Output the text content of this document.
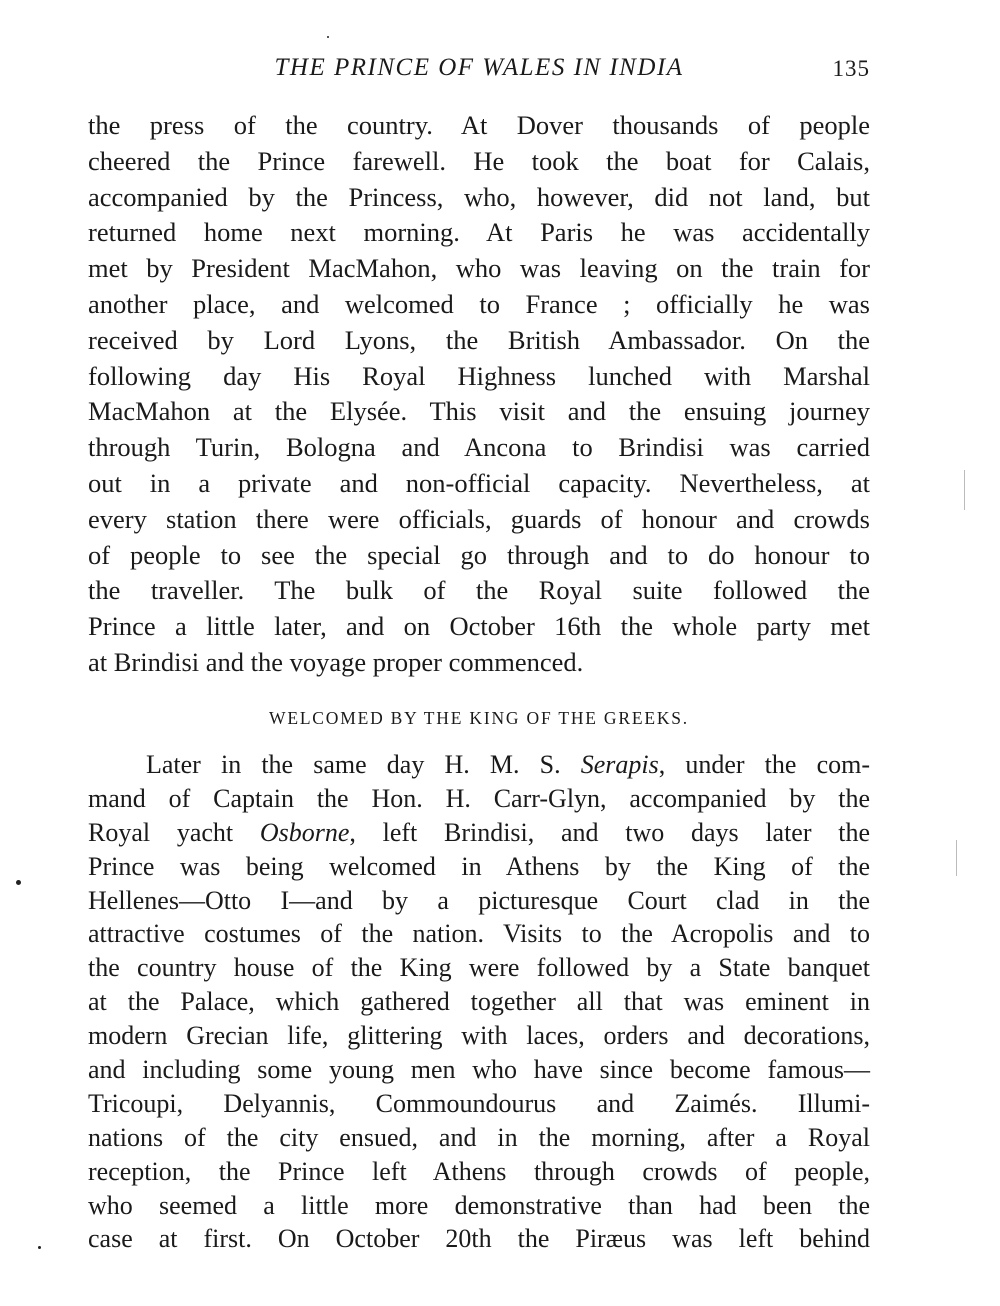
THE PRINCE OF WALES IN INDIA	135
the press of the country. At Dover thousands of people
cheered the Prince farewell. He took the boat for Calais,
accompanied by the Princess, who, however, did not land, but
returned home next morning. At Paris he was accidentally
met by President MacMahon, who was leaving on the train for
another place, and welcomed to France ; officially he was
received by Lord Lyons, the British Ambassador. On the
following day His Royal Highness lunched with Marshal
MacMahon at the Elysée. This visit and the ensuing journey
through Turin, Bologna and Ancona to Brindisi was carried
out in a private and non-official capacity. Nevertheless, at
every station there were officials, guards of honour and crowds
of people to see the special go through and to do honour to
the traveller. The bulk of the Royal suite followed the
Prince a little later, and on October 16th the whole party met
at Brindisi and the voyage proper commenced.
WELCOMED BY THE KING OF THE GREEKS.
Later in the same day H. M. S. Serapis, under the com-
mand of Captain the Hon. H. Carr-Glyn, accompanied by the
Royal yacht Osborne, left Brindisi, and two days later the
Prince was being welcomed in Athens by the King of the
Hellenes—Otto I—and by a picturesque Court clad in the
attractive costumes of the nation. Visits to the Acropolis and to
the country house of the King were followed by a State banquet
at the Palace, which gathered together all that was eminent in
modern Grecian life, glittering with laces, orders and decorations,
and including some young men who have since become famous—
Tricoupi, Delyannis, Commoundourus and Zaimés. Illumi-
nations of the city ensued, and in the morning, after a Royal
reception, the Prince left Athens through crowds of people,
who seemed a little more demonstrative than had been the
case at first. On October 20th the Piræus was left behind
